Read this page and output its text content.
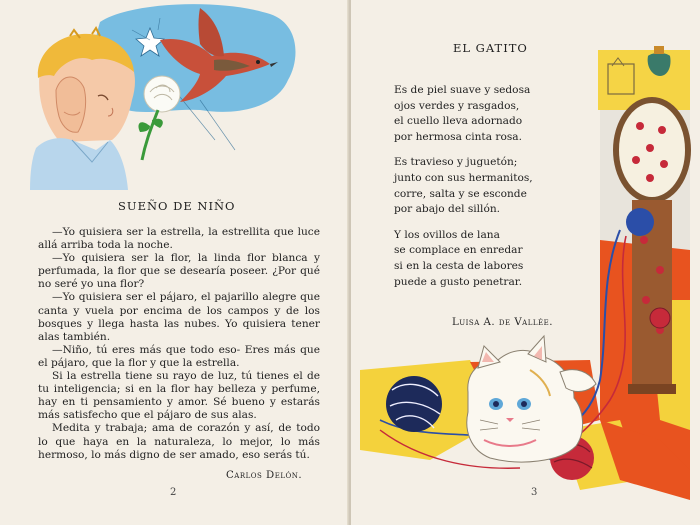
SUEÑO DE NIÑO

—Yo quisiera ser la estrella, la estrellita que luce allá arriba toda la noche.

—Yo quisiera ser la flor, la linda flor blanca y perfumada, la flor que se desearía poseer. ¿Por qué no seré yo una flor?

—Yo quisiera ser el pájaro, el pajarillo alegre que canta y vuela por encima de los campos y de los bosques y llega hasta las nubes. Yo quisiera tener alas también.

—Niño, tú eres más que todo eso- Eres más que el pájaro, que la flor y que la estrella.

Si la estrella tiene su rayo de luz, tú tienes el de tu inteligencia; si en la flor hay belleza y perfume, hay en ti pensamiento y amor. Sé bueno y estarás más satisfecho que el pájaro de sus alas.

Medita y trabaja; ama de corazón y así, de todo lo que haya en la naturaleza, lo mejor, lo más hermoso, lo más digno de ser amado, eso serás tú.

Carlos Delón.
2
EL GATITO
3
Luisa A. de Vallée.
Es de piel suave y sedosa
ojos verdes y rasgados,
el cuello lleva adornado
por hermosa cinta rosa.
Es travieso y juguetón;
junto con sus hermanitos,
corre, salta y se esconde
por abajo del sillón.
Y los ovillos de lana
se complace en enredar
si en la cesta de labores
puede a gusto penetrar.
